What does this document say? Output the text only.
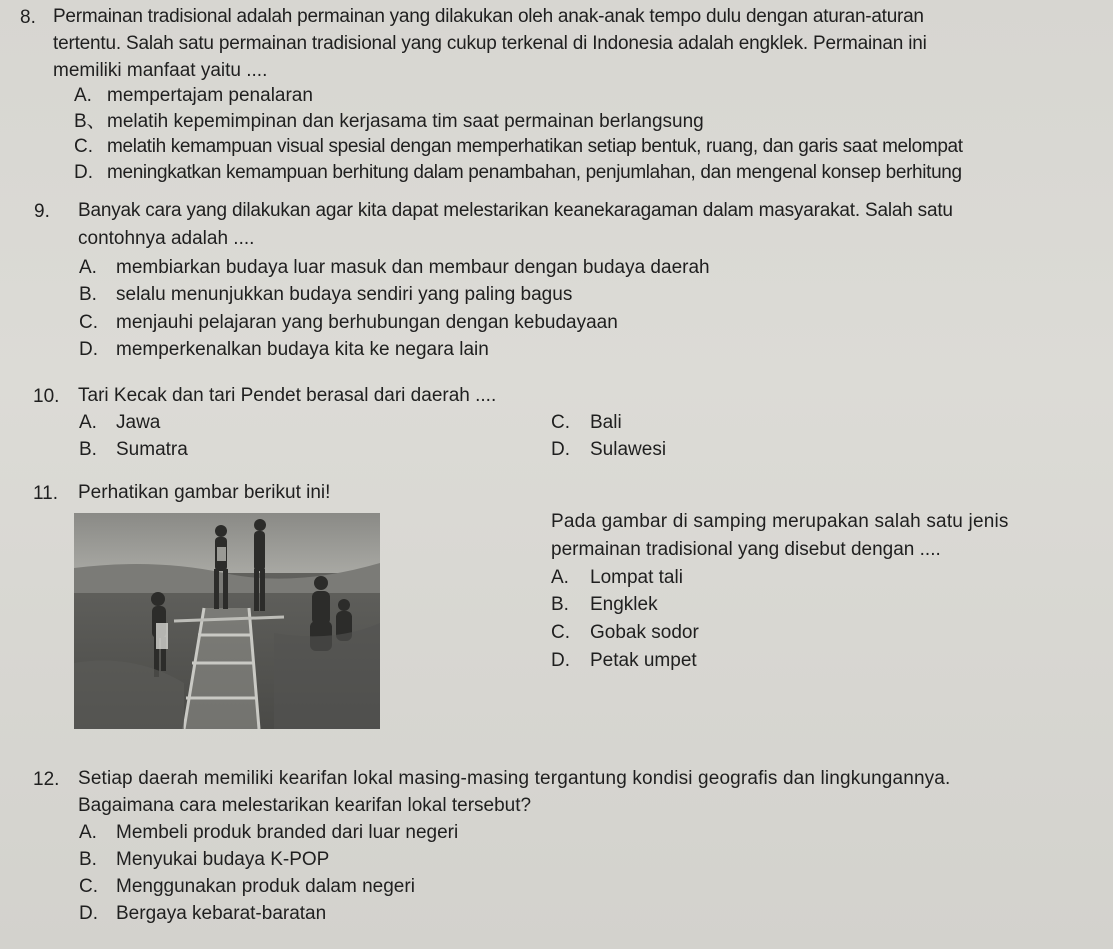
8. Permainan tradisional adalah permainan yang dilakukan oleh anak-anak tempo dulu dengan aturan-aturan
tertentu. Salah satu permainan tradisional yang cukup terkenal di Indonesia adalah engklek. Permainan ini
memiliki manfaat yaitu ....
A. mempertajam penalaran
B、 melatih kepemimpinan dan kerjasama tim saat permainan berlangsung
C. melatih kemampuan visual spesial dengan memperhatikan setiap bentuk, ruang, dan garis saat melompat
D. meningkatkan kemampuan berhitung dalam penambahan, penjumlahan, dan mengenal konsep berhitung
9. Banyak cara yang dilakukan agar kita dapat melestarikan keanekaragaman dalam masyarakat. Salah satu
contohnya adalah ....
A. membiarkan budaya luar masuk dan membaur dengan budaya daerah
B. selalu menunjukkan budaya sendiri yang paling bagus
C. menjauhi pelajaran yang berhubungan dengan kebudayaan
D. memperkenalkan budaya kita ke negara lain
10. Tari Kecak dan tari Pendet berasal dari daerah ....
A. Jawa
B. Sumatra
C. Bali
D. Sulawesi
11. Perhatikan gambar berikut ini!
Pada gambar di samping merupakan salah satu jenis
permainan tradisional yang disebut dengan ....
A. Lompat tali
B. Engklek
C. Gobak sodor
D. Petak umpet
12. Setiap daerah memiliki kearifan lokal masing-masing tergantung kondisi geografis dan lingkungannya.
Bagaimana cara melestarikan kearifan lokal tersebut?
A. Membeli produk branded dari luar negeri
B. Menyukai budaya K-POP
C. Menggunakan produk dalam negeri
D. Bergaya kebarat-baratan
